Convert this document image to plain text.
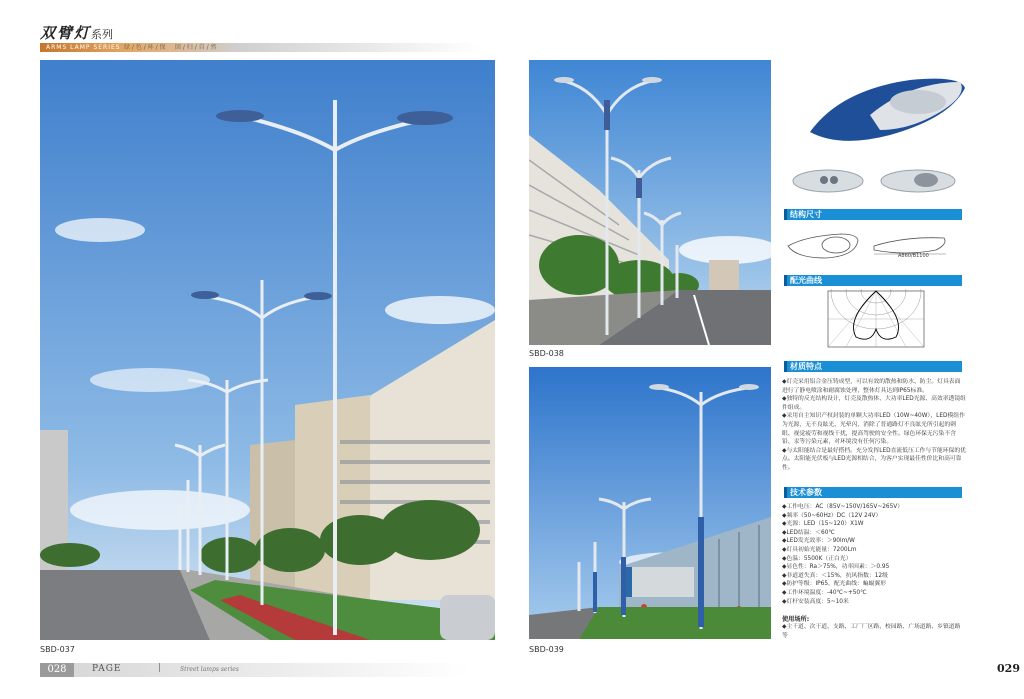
双臂灯系列
ARMS LAMP SERIES 绿 / 色 / 环 / 保 回 / 归 / 自 / 然
SBD-037
SBD-038
SBD-039
结构尺寸
A860/B1100
配光曲线
材质特点

◆灯壳采用铝合金压铸成型，可以有效的散热和防水、防尘。灯具表面进行了静电喷涂和耐腐蚀处理，整体灯具达到IP65标准。

◆独特的反光结构设计，灯壳及散热体、大功率LED光源、高效率透镜组件组成。

◆采用自主知识产权封装的单颗大功率LED（10W~40W），LED模组作为光源，无不良眩光、光晕闪，消除了普通路灯不良眩光所引起的刺眼、视觉疲劳和视线干扰，提高驾驶的安全性。绿色环保无污染不含铅、汞等污染元素，对环境没有任何污染。

◆与太阳能结合是最好搭档。充分发挥LED直流低压工作与节能环保的优点。太阳能光伏板与LED光源相结合，为客户实现最佳性价比和高可靠性。

技术参数
◆工作电压：AC（85V~150V/165V~265V）
◆频率（50~60Hz）DC（12V 24V）
◆光源：LED（15~120）X1W
◆LED结温：＜60℃
◆LED发光效率：＞90lm/W
◆灯具初始光能量：7200Lm
◆色温：5500K（正白光）
◆显色性：Ra＞75%，功率因素：＞0.95
◆非道道失真：＜15%，抗风指数：12级
◆防护等级：IP65，配光曲线：蝙蝠翼形
◆工作环境温度：-40℃~+50℃
◆灯杆安装高度：5~10米
使用场所:
◆主干道、次干道、支路、工厂厂区路、校园路、广场道路、乡镇道路等
028	PAGE	|	Street lamps series	029
